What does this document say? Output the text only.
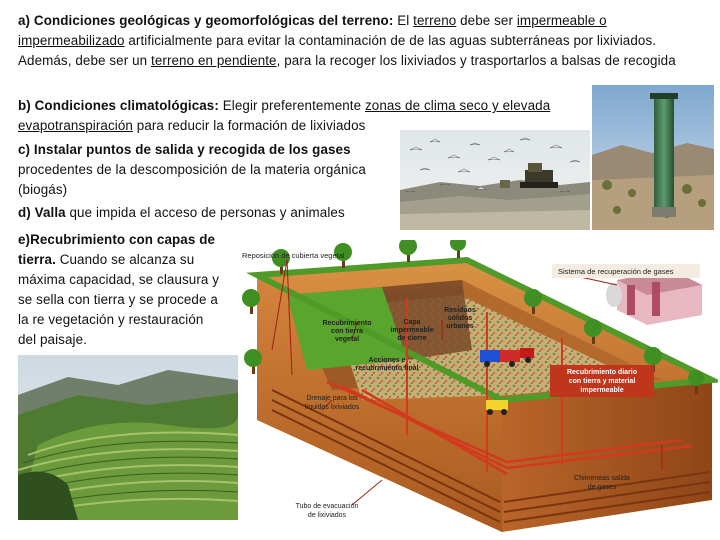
a) Condiciones geológicas y geomorfológicas del terreno: El terreno debe ser impermeable o impermeabilizado artificialmente para evitar la contaminación de de las aguas subterráneas por lixiviados. Además, debe ser un terreno en pendiente, para la recoger los lixiviados y trasportarlos a balsas de recogida
b) Condiciones climatológicas: Elegir preferentemente zonas de clima seco y elevada evapotranspiración para reducir la formación de lixiviados
c) Instalar puntos de salida y recogida de los gases procedentes de la descomposición de la materia orgánica (biogás)
d) Valla que impida el acceso de personas y animales
e)Recubrimiento con capas de tierra. Cuando se alcanza su máxima capacidad, se clausura y se sella con tierra y se procede a la re vegetación y restauración del paisaje.
Reposición de cubierta vegetal
Sistema de recuperación de gases
Residuos
sólidos
urbanos
Recubrimiento
con tierra
vegetal
Capa
impermeable
de cierre
Acciones e
recubrimiento final
Drenaje para los
líquidos lixiviados
Recubrimiento diario
con tierra y material
impermeable
Chimeneas salida
de gases
Tubo de evacuación
de lixiviados
